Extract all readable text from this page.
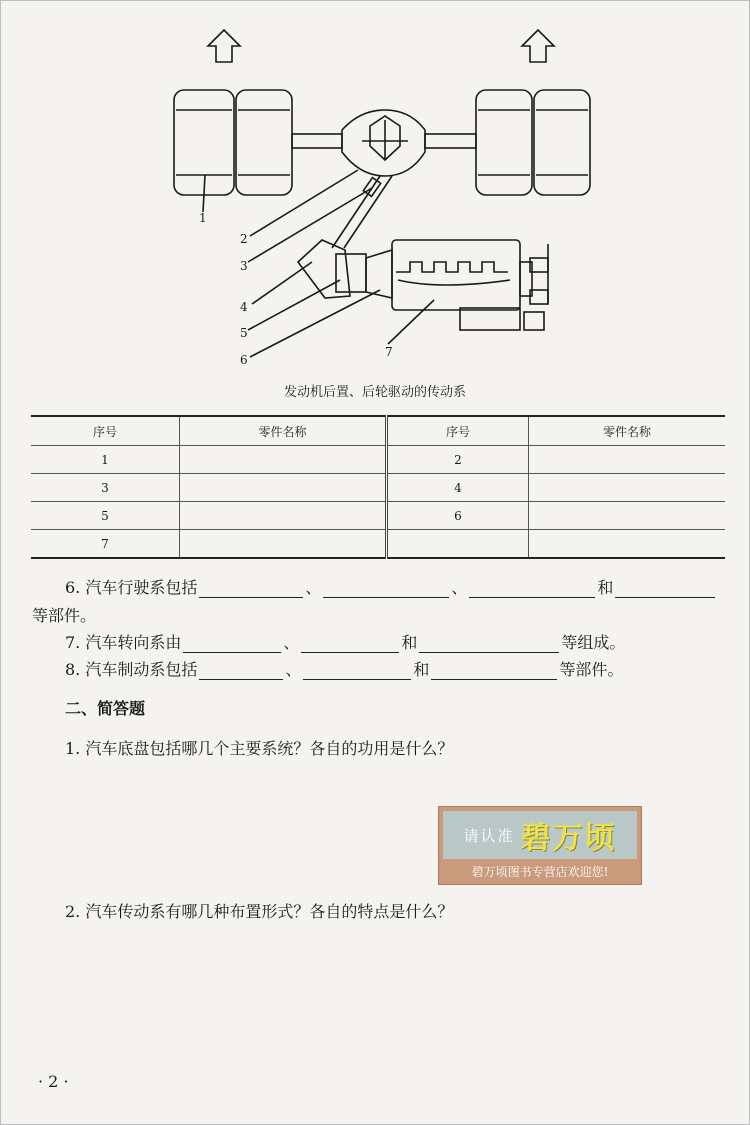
1
2
3
4
5
6
7
发动机后置、后轮驱动的传动系
序号	零件名称	序号	零件名称
1		2	
3		4	
5		6	
7			
6. 汽车行驶系包括	、	、	和
等部件。
7. 汽车转向系由	、	和	等组成。
8. 汽车制动系包括	、	和	等部件。
二、简答题
1. 汽车底盘包括哪几个主要系统？各自的功用是什么？
2. 汽车传动系有哪几种布置形式？各自的特点是什么？
请认准 碧万顷
碧万顷图书专营店欢迎您!
· 2 ·
